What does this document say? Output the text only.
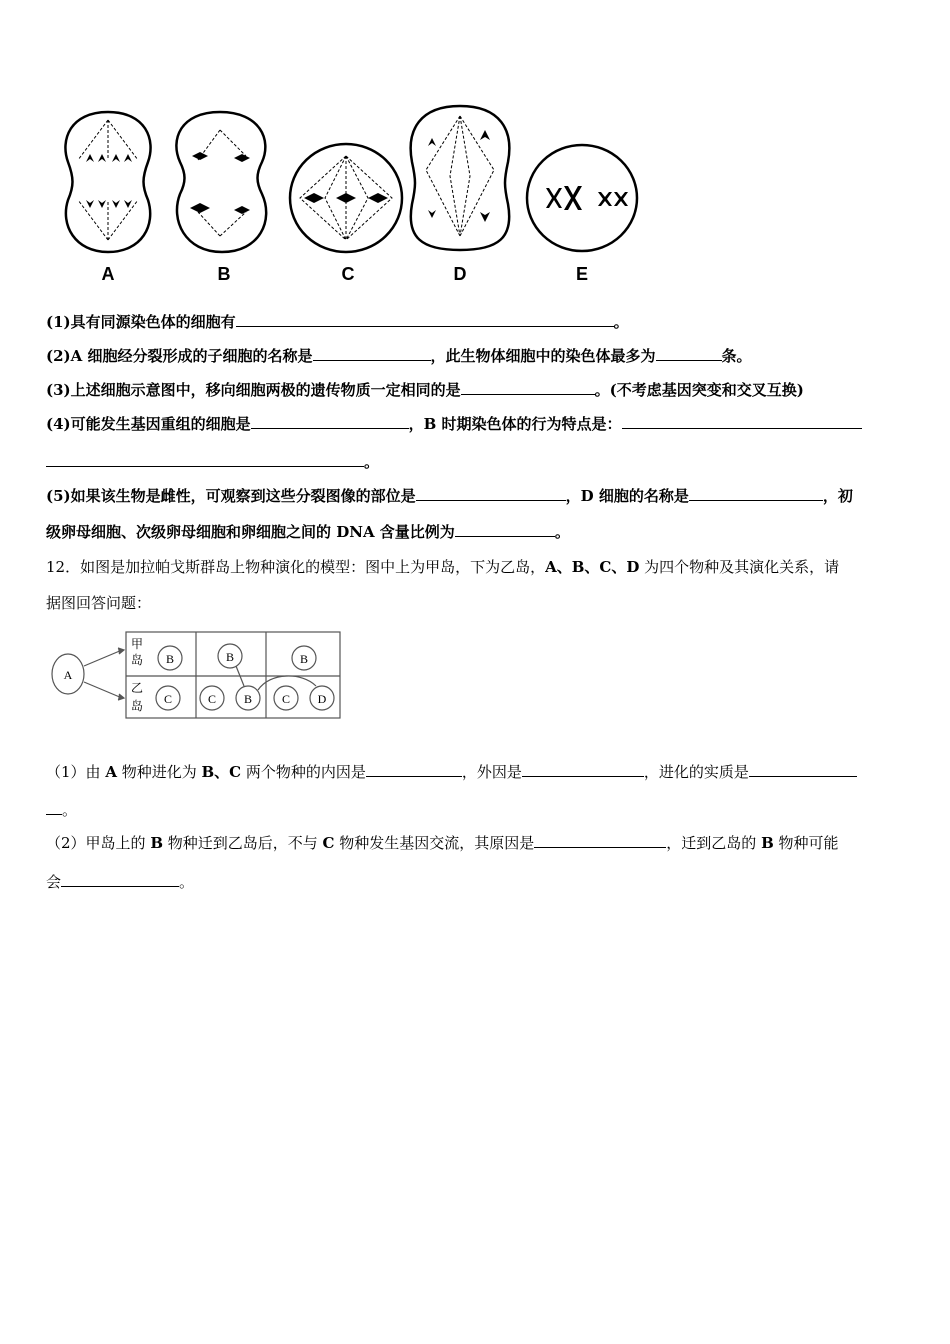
A	B	C	D	E
(1)具有同源染色体的细胞有	。
(2)A 细胞经分裂形成的子细胞的名称是	，此生物体细胞中的染色体最多为	条。
(3)上述细胞示意图中，移向细胞两极的遗传物质一定相同的是	。(不考虑基因突变和交叉互换)
(4)可能发生基因重组的细胞是	，B 时期染色体的行为特点是：
。
(5)如果该生物是雌性，可观察到这些分裂图像的部位是	，D 细胞的名称是	，初
级卵母细胞、次级卵母细胞和卵细胞之间的 DNA 含量比例为	。
12．如图是加拉帕戈斯群岛上物种演化的模型：图中上为甲岛，下为乙岛，A、B、C、D 为四个物种及其演化关系，请
据图回答问题：
A
甲
岛
乙
岛
B	B	B
C	C B C D
（1）由 A 物种进化为 B、C 两个物种的内因是	，外因是	，进化的实质是
。
（2）甲岛上的 B 物种迁到乙岛后，不与 C 物种发生基因交流，其原因是	，迁到乙岛的 B 物种可能
会	。
